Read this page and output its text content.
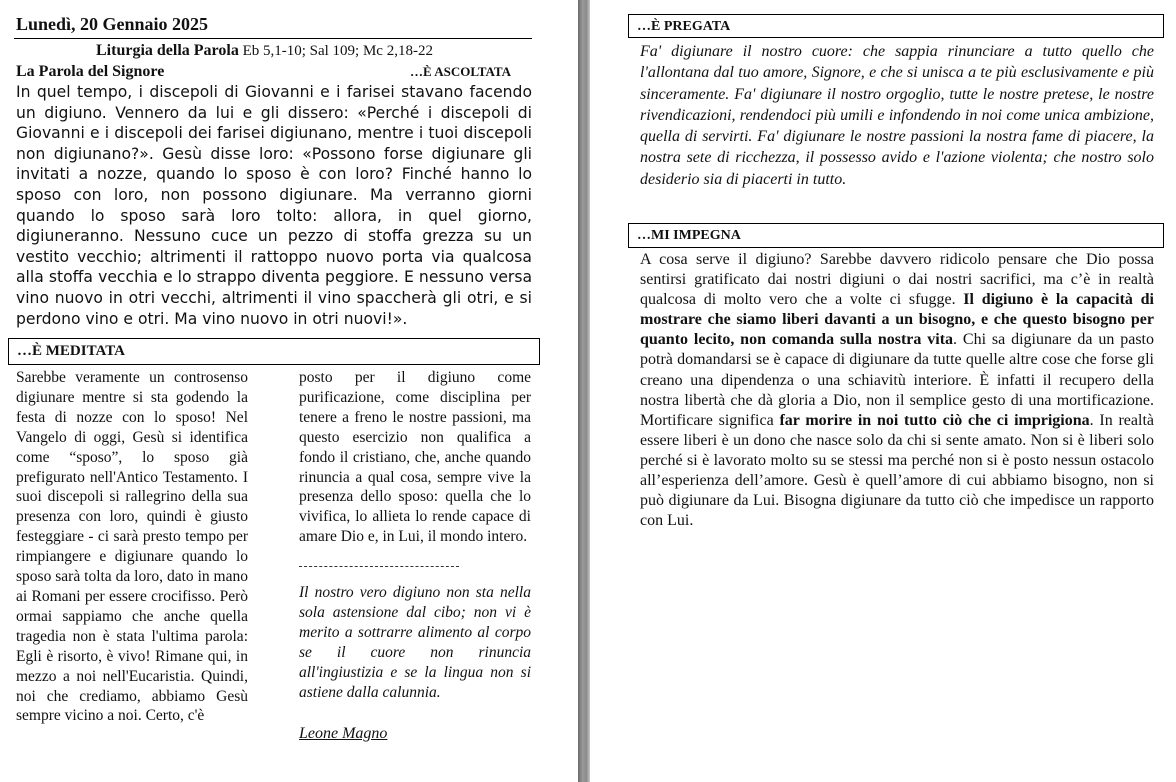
Lunedì, 20 Gennaio 2025
Liturgia della Parola Eb 5,1-10; Sal 109; Mc 2,18-22
La Parola del Signore	…È ASCOLTATA

In quel tempo, i discepoli di Giovanni e i farisei stavano facendo un digiuno. Vennero da lui e gli dissero: «Perché i discepoli di Giovanni e i discepoli dei farisei digiunano, mentre i tuoi discepoli non digiunano?». Gesù disse loro: «Possono forse digiunare gli invitati a nozze, quando lo sposo è con loro? Finché hanno lo sposo con loro, non possono digiunare. Ma verranno giorni quando lo sposo sarà loro tolto: allora, in quel giorno, digiuneranno. Nessuno cuce un pezzo di stoffa grezza su un vestito vecchio; altrimenti il rattoppo nuovo porta via qualcosa alla stoffa vecchia e lo strappo diventa peggiore. E nessuno versa vino nuovo in otri vecchi, altrimenti il vino spaccherà gli otri, e si perdono vino e otri. Ma vino nuovo in otri nuovi!».

…È MEDITATA

Sarebbe veramente un controsenso digiunare mentre si sta godendo la festa di nozze con lo sposo! Nel Vangelo di oggi, Gesù si identifica come “sposo”, lo sposo già prefigurato nell'Antico Testamento. I suoi discepoli si rallegrino della sua presenza con loro, quindi è giusto festeggiare - ci sarà presto tempo per rimpiangere e digiunare quando lo sposo sarà tolta da loro, dato in mano ai Romani per essere crocifisso. Però ormai sappiamo che anche quella tragedia non è stata l'ultima parola: Egli è risorto, è vivo! Rimane qui, in mezzo a noi nell'Eucaristia. Quindi, noi che crediamo, abbiamo Gesù sempre vicino a noi. Certo, c'è

posto per il digiuno come purificazione, come disciplina per tenere a freno le nostre passioni, ma questo esercizio non qualifica a fondo il cristiano, che, anche quando rinuncia a qual cosa, sempre vive la presenza dello sposo: quella che lo vivifica, lo allieta lo rende capace di amare Dio e, in Lui, il mondo intero.

Il nostro vero digiuno non sta nella sola astensione dal cibo; non vi è merito a sottrarre alimento al corpo se il cuore non rinuncia all'ingiustizia e se la lingua non si astiene dalla calunnia.

Leone Magno
…È PREGATA

Fa' digiunare il nostro cuore: che sappia rinunciare a tutto quello che l'allontana dal tuo amore, Signore, e che si unisca a te più esclusivamente e più sinceramente. Fa' digiunare il nostro orgoglio, tutte le nostre pretese, le nostre rivendicazioni, rendendoci più umili e infondendo in noi come unica ambizione, quella di servirti. Fa' digiunare le nostre passioni la nostra fame di piacere, la nostra sete di ricchezza, il possesso avido e l'azione violenta; che nostro solo desiderio sia di piacerti in tutto.

…MI IMPEGNA

A cosa serve il digiuno? Sarebbe davvero ridicolo pensare che Dio possa sentirsi gratificato dai nostri digiuni o dai nostri sacrifici, ma c’è in realtà qualcosa di molto vero che a volte ci sfugge. Il digiuno è la capacità di mostrare che siamo liberi davanti a un bisogno, e che questo bisogno per quanto lecito, non comanda sulla nostra vita. Chi sa digiunare da un pasto potrà domandarsi se è capace di digiunare da tutte quelle altre cose che forse gli creano una dipendenza o una schiavitù interiore. È infatti il recupero della nostra libertà che dà gloria a Dio, non il semplice gesto di una mortificazione. Mortificare significa far morire in noi tutto ciò che ci imprigiona. In realtà essere liberi è un dono che nasce solo da chi si sente amato. Non si è liberi solo perché si è lavorato molto su se stessi ma perché non si è posto nessun ostacolo all’esperienza dell’amore. Gesù è quell’amore di cui abbiamo bisogno, non si può digiunare da Lui. Bisogna digiunare da tutto ciò che impedisce un rapporto con Lui.
